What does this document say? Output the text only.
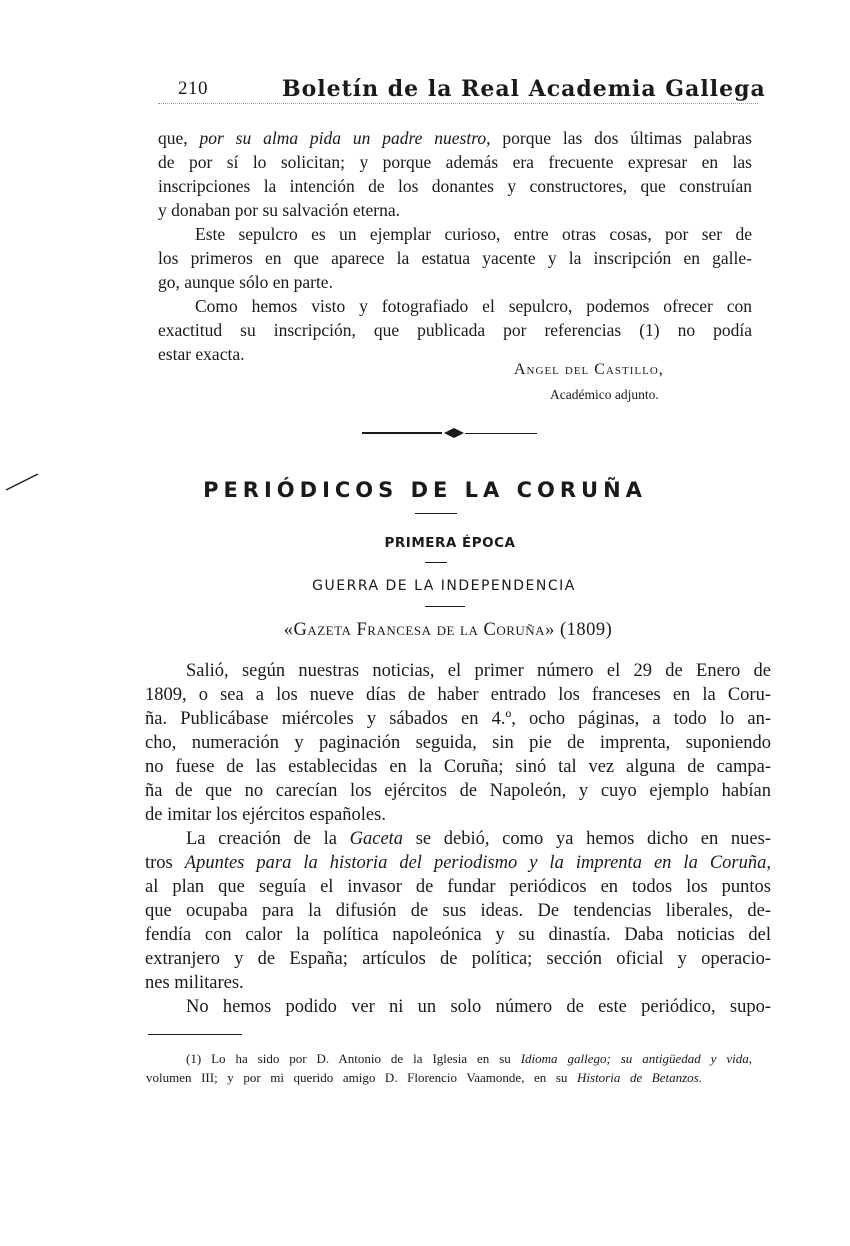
210	Boletín de la Real Academia Gallega
que, por su alma pida un padre nuestro, porque las dos últimas palabras
de por sí lo solicitan; y porque además era frecuente expresar en las
inscripciones la intención de los donantes y constructores, que construían
y donaban por su salvación eterna.
Este sepulcro es un ejemplar curioso, entre otras cosas, por ser de
los primeros en que aparece la estatua yacente y la inscripción en galle-
go, aunque sólo en parte.
Como hemos visto y fotografiado el sepulcro, podemos ofrecer con
exactitud su inscripción, que publicada por referencias (1) no podía
estar exacta.
Angel del Castillo,
Académico adjunto.
PERIÓDICOS DE LA CORUÑA
PRIMERA ÉPOCA
GUERRA DE LA INDEPENDENCIA
«Gazeta Francesa de la Coruña» (1809)
Salió, según nuestras noticias, el primer número el 29 de Enero de
1809, o sea a los nueve días de haber entrado los franceses en la Coru-
ña. Publicábase miércoles y sábados en 4.º, ocho páginas, a todo lo an-
cho, numeración y paginación seguida, sin pie de imprenta, suponiendo
no fuese de las establecidas en la Coruña; sinó tal vez alguna de campa-
ña de que no carecían los ejércitos de Napoleón, y cuyo ejemplo habían
de imitar los ejércitos españoles.
La creación de la Gaceta se debió, como ya hemos dicho en nues-
tros Apuntes para la historia del periodismo y la imprenta en la Coruña,
al plan que seguía el invasor de fundar periódicos en todos los puntos
que ocupaba para la difusión de sus ideas. De tendencias liberales, de-
fendía con calor la política napoleónica y su dinastía. Daba noticias del
extranjero y de España; artículos de política; sección oficial y operacio-
nes militares.
No hemos podido ver ni un solo número de este periódico, supo-
(1) Lo ha sido por D. Antonio de la Iglesia en su Idioma gallego; su antigüedad y vida,
volumen III; y por mi querido amigo D. Florencio Vaamonde, en su Historia de Betanzos.
